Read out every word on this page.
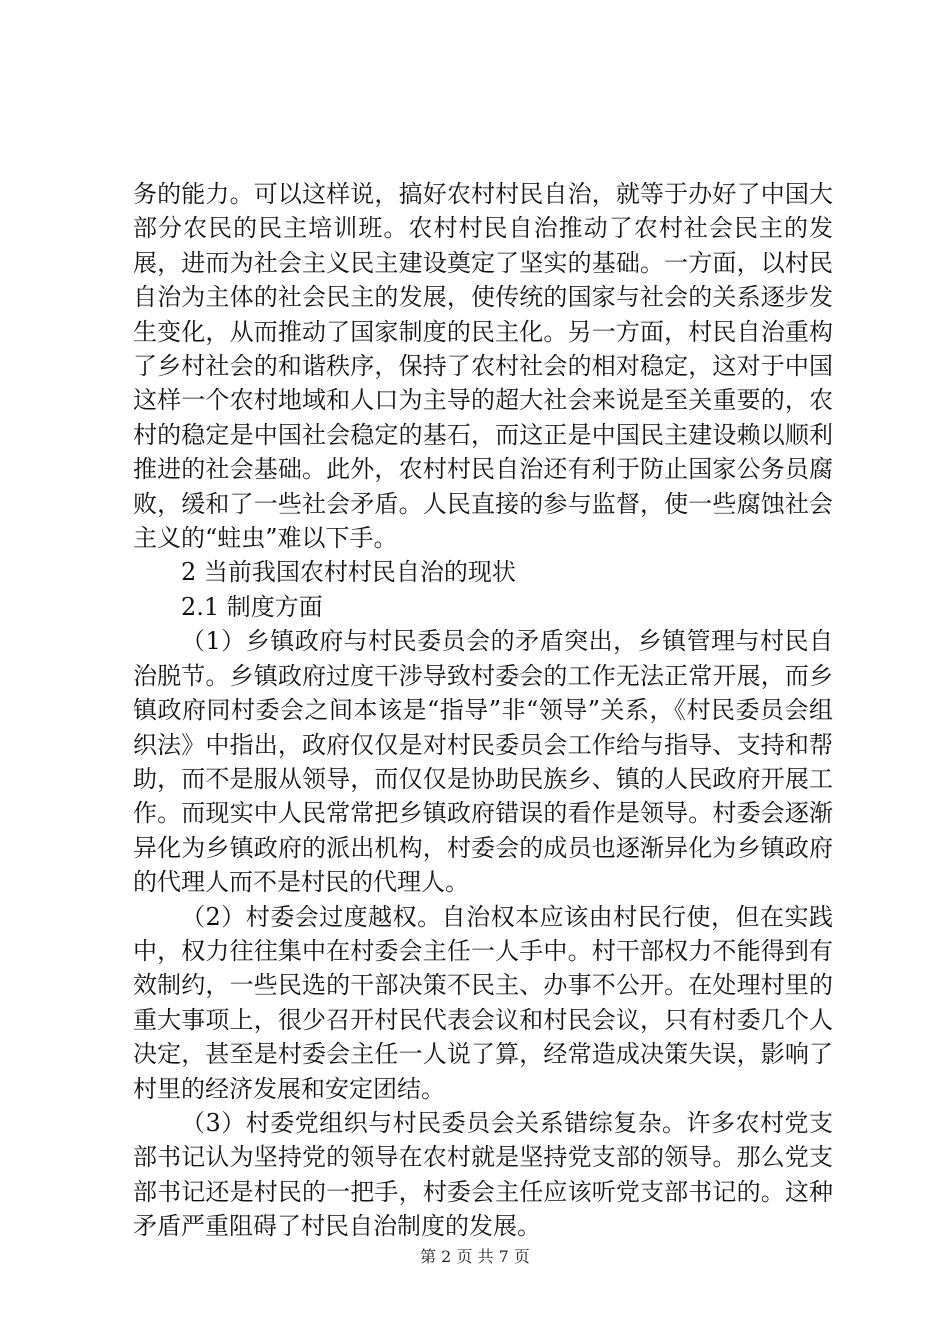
务的能力。可以这样说，搞好农村村民自治，就等于办好了中国大部分农民的民主培训班。农村村民自治推动了农村社会民主的发展，进而为社会主义民主建设奠定了坚实的基础。一方面，以村民自治为主体的社会民主的发展，使传统的国家与社会的关系逐步发生变化，从而推动了国家制度的民主化。另一方面，村民自治重构了乡村社会的和谐秩序，保持了农村社会的相对稳定，这对于中国这样一个农村地域和人口为主导的超大社会来说是至关重要的，农村的稳定是中国社会稳定的基石，而这正是中国民主建设赖以顺利推进的社会基础。此外，农村村民自治还有利于防止国家公务员腐败，缓和了一些社会矛盾。人民直接的参与监督，使一些腐蚀社会主义的“蛀虫”难以下手。

2 当前我国农村村民自治的现状

2.1 制度方面

（1）乡镇政府与村民委员会的矛盾突出，乡镇管理与村民自治脱节。乡镇政府过度干涉导致村委会的工作无法正常开展，而乡镇政府同村委会之间本该是“指导”非“领导”关系，《村民委员会组织法》中指出，政府仅仅是对村民委员会工作给与指导、支持和帮助，而不是服从领导，而仅仅是协助民族乡、镇的人民政府开展工作。而现实中人民常常把乡镇政府错误的看作是领导。村委会逐渐异化为乡镇政府的派出机构，村委会的成员也逐渐异化为乡镇政府的代理人而不是村民的代理人。

（2）村委会过度越权。自治权本应该由村民行使，但在实践中，权力往往集中在村委会主任一人手中。村干部权力不能得到有效制约，一些民选的干部决策不民主、办事不公开。在处理村里的重大事项上，很少召开村民代表会议和村民会议，只有村委几个人决定，甚至是村委会主任一人说了算，经常造成决策失误，影响了村里的经济发展和安定团结。

（3）村委党组织与村民委员会关系错综复杂。许多农村党支部书记认为坚持党的领导在农村就是坚持党支部的领导。那么党支部书记还是村民的一把手，村委会主任应该听党支部书记的。这种矛盾严重阻碍了村民自治制度的发展。

第 2 页 共 7 页
